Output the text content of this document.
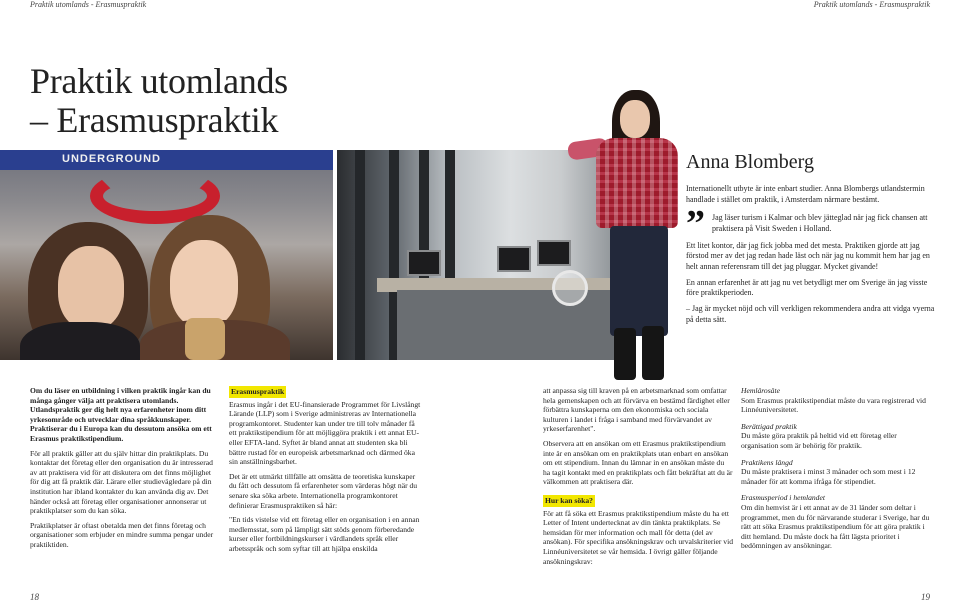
Praktik utomlands - Erasmuspraktik	Praktik utomlands - Erasmuspraktik
Praktik utomlands
– Erasmuspraktik
UNDERGROUND	Anna Blomberg
Internationellt utbyte är inte enbart studier. Anna Blombergs utlandstermin handlade i stället om praktik, i Amsterdam närmare bestämt.
” Jag läser turism i Kalmar och blev jätteglad när jag fick chansen att praktisera på Visit Sweden i Holland.

Ett litet kontor, där jag fick jobba med det mesta. Praktiken gjorde att jag förstod mer av det jag redan hade läst och när jag nu kommit hem har jag en helt annan referensram till det jag pluggar. Mycket givande!

En annan erfarenhet är att jag nu vet betydligt mer om Sverige än jag visste före praktikperioden.

– Jag är mycket nöjd och vill verkligen rekommendera andra att vidga vyerna på detta sätt.

Om du läser en utbildning i vilken praktik ingår kan du många gånger välja att praktisera utomlands. Utlandspraktik ger dig helt nya erfarenheter inom ditt yrkesområde och utvecklar dina språkkunskaper. Praktiserar du i Europa kan du dessutom ansöka om ett Erasmus praktikstipendium.

För all praktik gäller att du själv hittar din praktikplats. Du kontaktar det företag eller den organisation du är intresserad av att praktisera vid för att diskutera om det finns möjlighet för dig att få praktik där. Lärare eller studievägledare på din institution har ibland kontakter du kan använda dig av. Det händer också att företag eller organisationer annonserar ut praktikplatser som du kan söka.

Praktikplatser är oftast obetalda men det finns företag och organisationer som erbjuder en mindre summa pengar under praktiktiden.

Erasmuspraktik

Erasmus ingår i det EU-finansierade Programmet för Livslångt Lärande (LLP) som i Sverige administreras av Internationella programkontoret. Studenter kan under tre till tolv månader få ett praktikstipendium för att möjliggöra praktik i ett annat EU- eller EFTA-land. Syftet är bland annat att studenten ska bli bättre rustad för en europeisk arbetsmarknad och därmed öka sin anställningsbarhet.

Det är ett utmärkt tillfälle att omsätta de teoretiska kunskaper du fått och dessutom få erfarenheter som värderas högt när du senare ska söka arbete. Internationella programkontoret definierar Erasmuspraktiken så här:

"En tids vistelse vid ett företag eller en organisation i en annan medlemsstat, som på lämpligt sätt stöds genom förberedande kurser eller fortbildningskurser i värdlandets språk eller arbetsspråk och som syftar till att hjälpa enskilda

att anpassa sig till kraven på en arbetsmarknad som omfattar hela gemenskapen och att förvärva en bestämd färdighet eller förbättra kunskaperna om den ekonomiska och sociala kulturen i landet i fråga i samband med förvärvandet av yrkeserfarenhet".

Observera att en ansökan om ett Erasmus praktikstipendium inte är en ansökan om en praktikplats utan enbart en ansökan om ett stipendium. Innan du lämnar in en ansökan måste du ha tagit kontakt med en praktikplats och fått bekräftat att du är välkommen att praktisera där.

Hur kan söka?

För att få söka ett Erasmus praktikstipendium måste du ha ett Letter of Intent undertecknat av din tänkta praktikplats. Se hemsidan för mer information och mall för detta (del av ansökan). För specifika ansökningskrav och urvalskriterier vid Linnéuniversitetet se vår hemsida. I övrigt gäller följande ansökningskrav:

Hemlärosäte
Som Erasmus praktikstipendiat måste du vara registrerad vid Linnéuniversitetet.

Berättigad praktik
Du måste göra praktik på heltid vid ett företag eller organisation som är behörig för praktik.

Praktikens längd
Du måste praktisera i minst 3 månader och som mest i 12 månader för att komma ifråga för stipendiet.

Erasmusperiod i hemlandet
Om din hemvist är i ett annat av de 31 länder som deltar i programmet, men du för närvarande studerar i Sverige, har du rätt att söka Erasmus praktikstipendium för att göra praktik i ditt hemland. Du måste dock ha fått lägsta prioritet i bedömningen av ansökningar.

18	19
